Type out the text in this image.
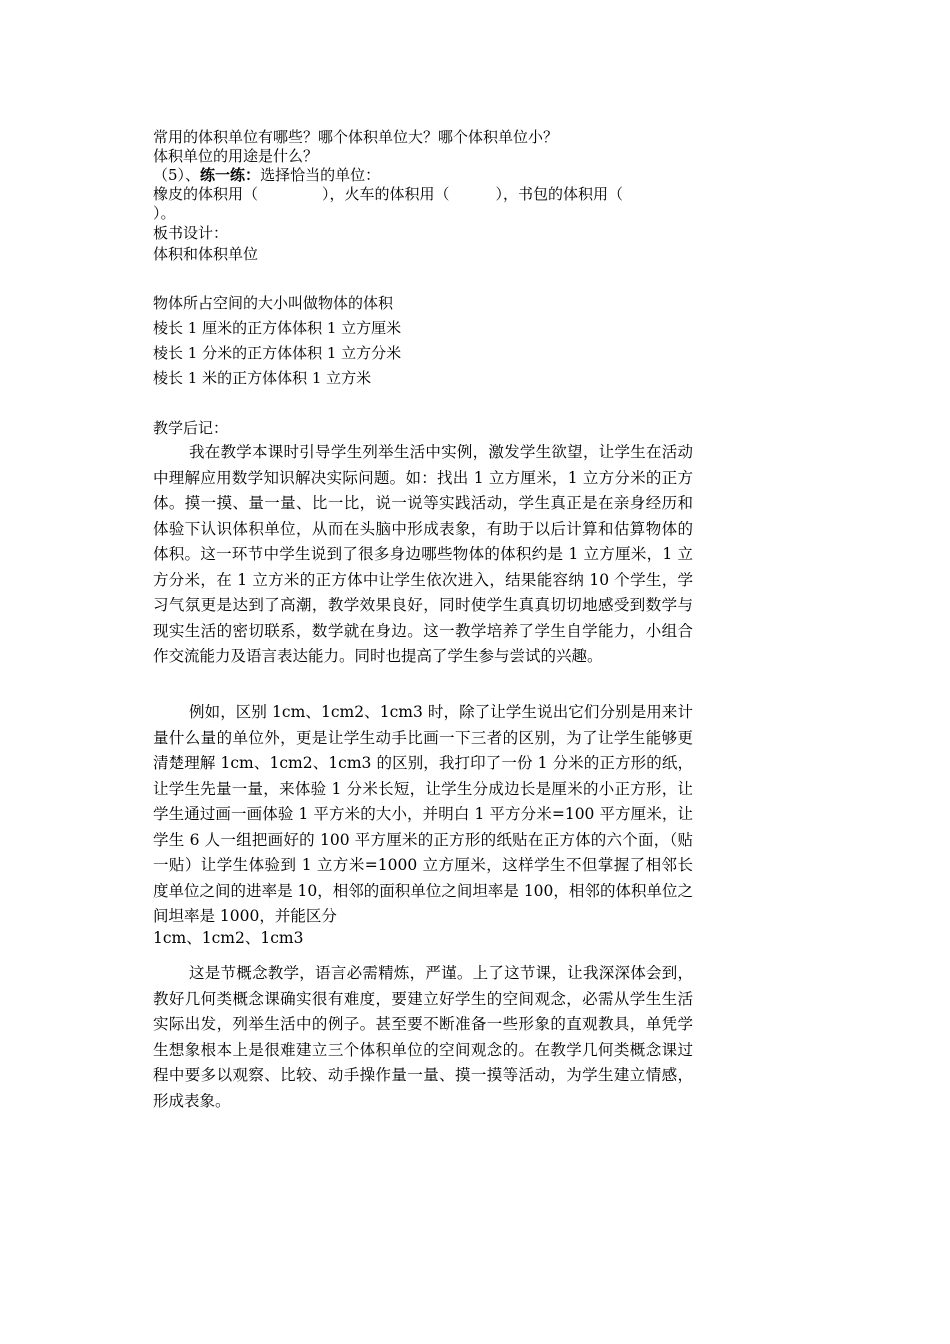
常用的体积单位有哪些？哪个体积单位大？哪个体积单位小？
体积单位的用途是什么？
（5）、练一练：选择恰当的单位：
橡皮的体积用（	），火车的体积用（	），书包的体积用（
）。
板书设计：
体积和体积单位
物体所占空间的大小叫做物体的体积
棱长 1 厘米的正方体体积 1 立方厘米
棱长 1 分米的正方体体积 1 立方分米
棱长 1 米的正方体体积 1 立方米
教学后记：
我在教学本课时引导学生列举生活中实例，激发学生欲望，让学生在活动中理解应用数学知识解决实际问题。如：找出 1 立方厘米，1 立方分米的正方体。摸一摸、量一量、比一比，说一说等实践活动，学生真正是在亲身经历和体验下认识体积单位，从而在头脑中形成表象，有助于以后计算和估算物体的体积。这一环节中学生说到了很多身边哪些物体的体积约是 1 立方厘米，1 立方分米，在 1 立方米的正方体中让学生依次进入，结果能容纳 10 个学生，学习气氛更是达到了高潮，教学效果良好，同时使学生真真切切地感受到数学与现实生活的密切联系，数学就在身边。这一教学培养了学生自学能力，小组合作交流能力及语言表达能力。同时也提高了学生参与尝试的兴趣。
例如，区别 1cm、1cm2、1cm3 时，除了让学生说出它们分别是用来计量什么量的单位外，更是让学生动手比画一下三者的区别，为了让学生能够更清楚理解 1cm、1cm2、1cm3 的区别，我打印了一份 1 分米的正方形的纸，让学生先量一量，来体验 1 分米长短，让学生分成边长是厘米的小正方形，让学生通过画一画体验 1 平方米的大小，并明白 1 平方分米=100 平方厘米，让学生 6 人一组把画好的 100 平方厘米的正方形的纸贴在正方体的六个面，（贴一贴）让学生体验到 1 立方米=1000 立方厘米，这样学生不但掌握了相邻长度单位之间的进率是 10，相邻的面积单位之间坦率是 100，相邻的体积单位之间坦率是 1000，并能区分
1cm、1cm2、1cm3
这是节概念教学，语言必需精炼，严谨。上了这节课，让我深深体会到，教好几何类概念课确实很有难度，要建立好学生的空间观念，必需从学生生活实际出发，列举生活中的例子。甚至要不断准备一些形象的直观教具，单凭学生想象根本上是很难建立三个体积单位的空间观念的。在教学几何类概念课过程中要多以观察、比较、动手操作量一量、摸一摸等活动，为学生建立情感，形成表象。
